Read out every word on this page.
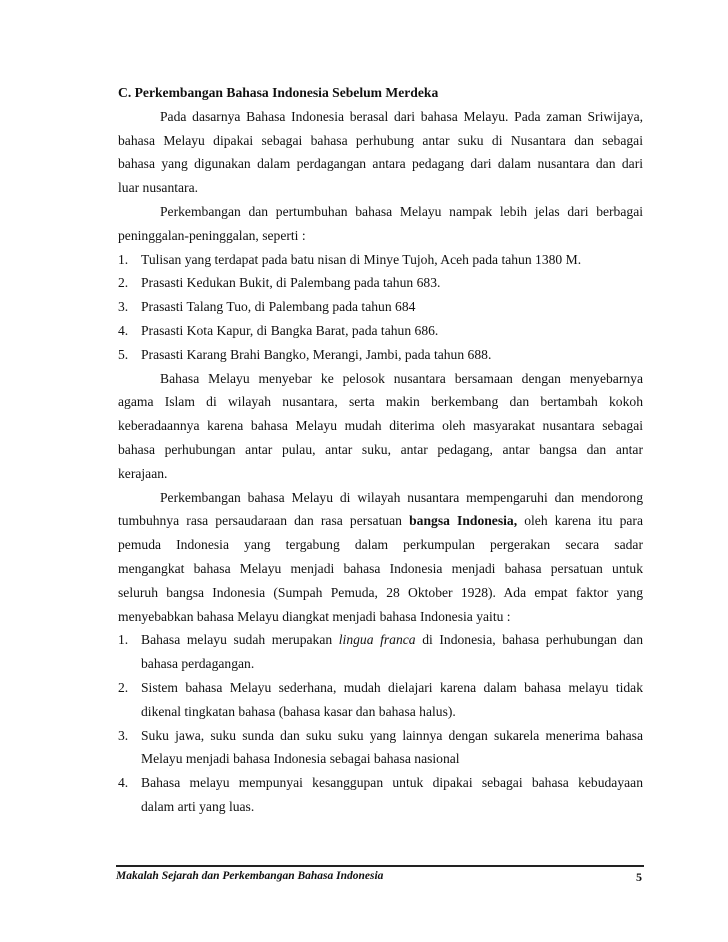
C. Perkembangan Bahasa Indonesia Sebelum Merdeka
Pada dasarnya Bahasa Indonesia berasal dari bahasa Melayu. Pada zaman Sriwijaya,
bahasa Melayu dipakai sebagai bahasa perhubung antar suku di Nusantara dan sebagai
bahasa yang digunakan dalam perdagangan antara pedagang dari dalam nusantara dan dari
luar nusantara.
Perkembangan dan pertumbuhan bahasa Melayu nampak lebih jelas dari berbagai
peninggalan-peninggalan, seperti :
1. Tulisan yang terdapat pada batu nisan di Minye Tujoh, Aceh pada tahun 1380 M.
2. Prasasti Kedukan Bukit, di Palembang pada tahun 683.
3. Prasasti Talang Tuo, di Palembang pada tahun 684
4. Prasasti Kota Kapur, di Bangka Barat, pada tahun 686.
5. Prasasti Karang Brahi Bangko, Merangi, Jambi, pada tahun 688.
Bahasa Melayu menyebar ke pelosok nusantara bersamaan dengan menyebarnya
agama Islam di wilayah nusantara, serta makin berkembang dan bertambah kokoh
keberadaannya karena bahasa Melayu mudah diterima oleh masyarakat nusantara sebagai
bahasa perhubungan antar pulau, antar suku, antar pedagang, antar bangsa dan antar
kerajaan.
Perkembangan bahasa Melayu di wilayah nusantara mempengaruhi dan mendorong
tumbuhnya rasa persaudaraan dan rasa persatuan bangsa Indonesia, oleh karena itu para
pemuda Indonesia yang tergabung dalam perkumpulan pergerakan secara sadar
mengangkat bahasa Melayu menjadi bahasa Indonesia menjadi bahasa persatuan untuk
seluruh bangsa Indonesia (Sumpah Pemuda, 28 Oktober 1928). Ada empat faktor yang
menyebabkan bahasa Melayu diangkat menjadi bahasa Indonesia yaitu :
1. Bahasa melayu sudah merupakan lingua franca di Indonesia, bahasa perhubungan dan
bahasa perdagangan.
2. Sistem bahasa Melayu sederhana, mudah dielajari karena dalam bahasa melayu tidak
dikenal tingkatan bahasa (bahasa kasar dan bahasa halus).
3. Suku jawa, suku sunda dan suku suku yang lainnya dengan sukarela menerima bahasa
Melayu menjadi bahasa Indonesia sebagai bahasa nasional
4. Bahasa melayu mempunyai kesanggupan untuk dipakai sebagai bahasa kebudayaan
dalam arti yang luas.
Makalah Sejarah dan Perkembangan Bahasa Indonesia	5
